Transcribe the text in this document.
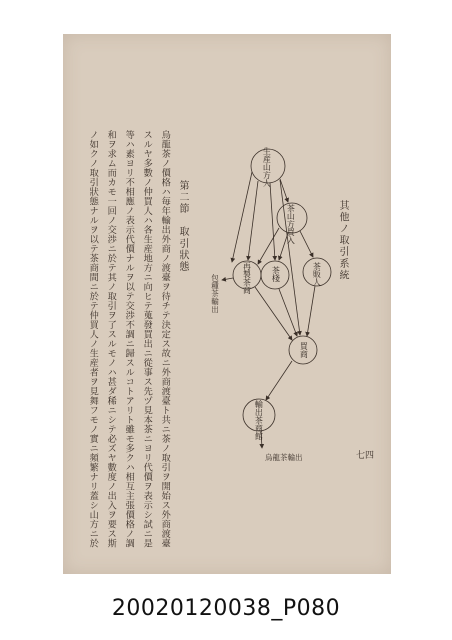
其他ノ取引系統
生産山方人
茶山方買入
再製茶商	茶棧	茶販人
買商
輸出茶商館
包種茶輸出
烏龍茶輸出
第二節　取引狀態
烏龍茶ノ價格ハ毎年輸出外商ノ渡臺ヲ待チテ決定ス故ニ外商渡臺ト共ニ茶ノ取引ヲ開始ス外商渡臺
スルヤ多數ノ仲買人ハ各生産地方ニ向ヒテ蒐發買出ニ從事ス先ヅ見本茶ニヨリ代價ヲ表示シ試ニ是
等ハ素ヨリ不相應ノ表示代價ナルヲ以テ交渉不調ニ歸スルコトアリト雖モ多クハ相互主張價格ノ調
和ヲ求ム而カモ一回ノ交渉ニ於テ其ノ取引ヲ了スルモノハ甚ダ稀ニシテ必ズヤ數度ノ出入ヲ要ス斯
ノ如クノ取引狀態ナルヲ以テ茶商間ニ於テ仲買人ノ生産者ヲ見舞フモノ實ニ頻繁ナリ蓋シ山方ニ於	七四
20020120038_P080
